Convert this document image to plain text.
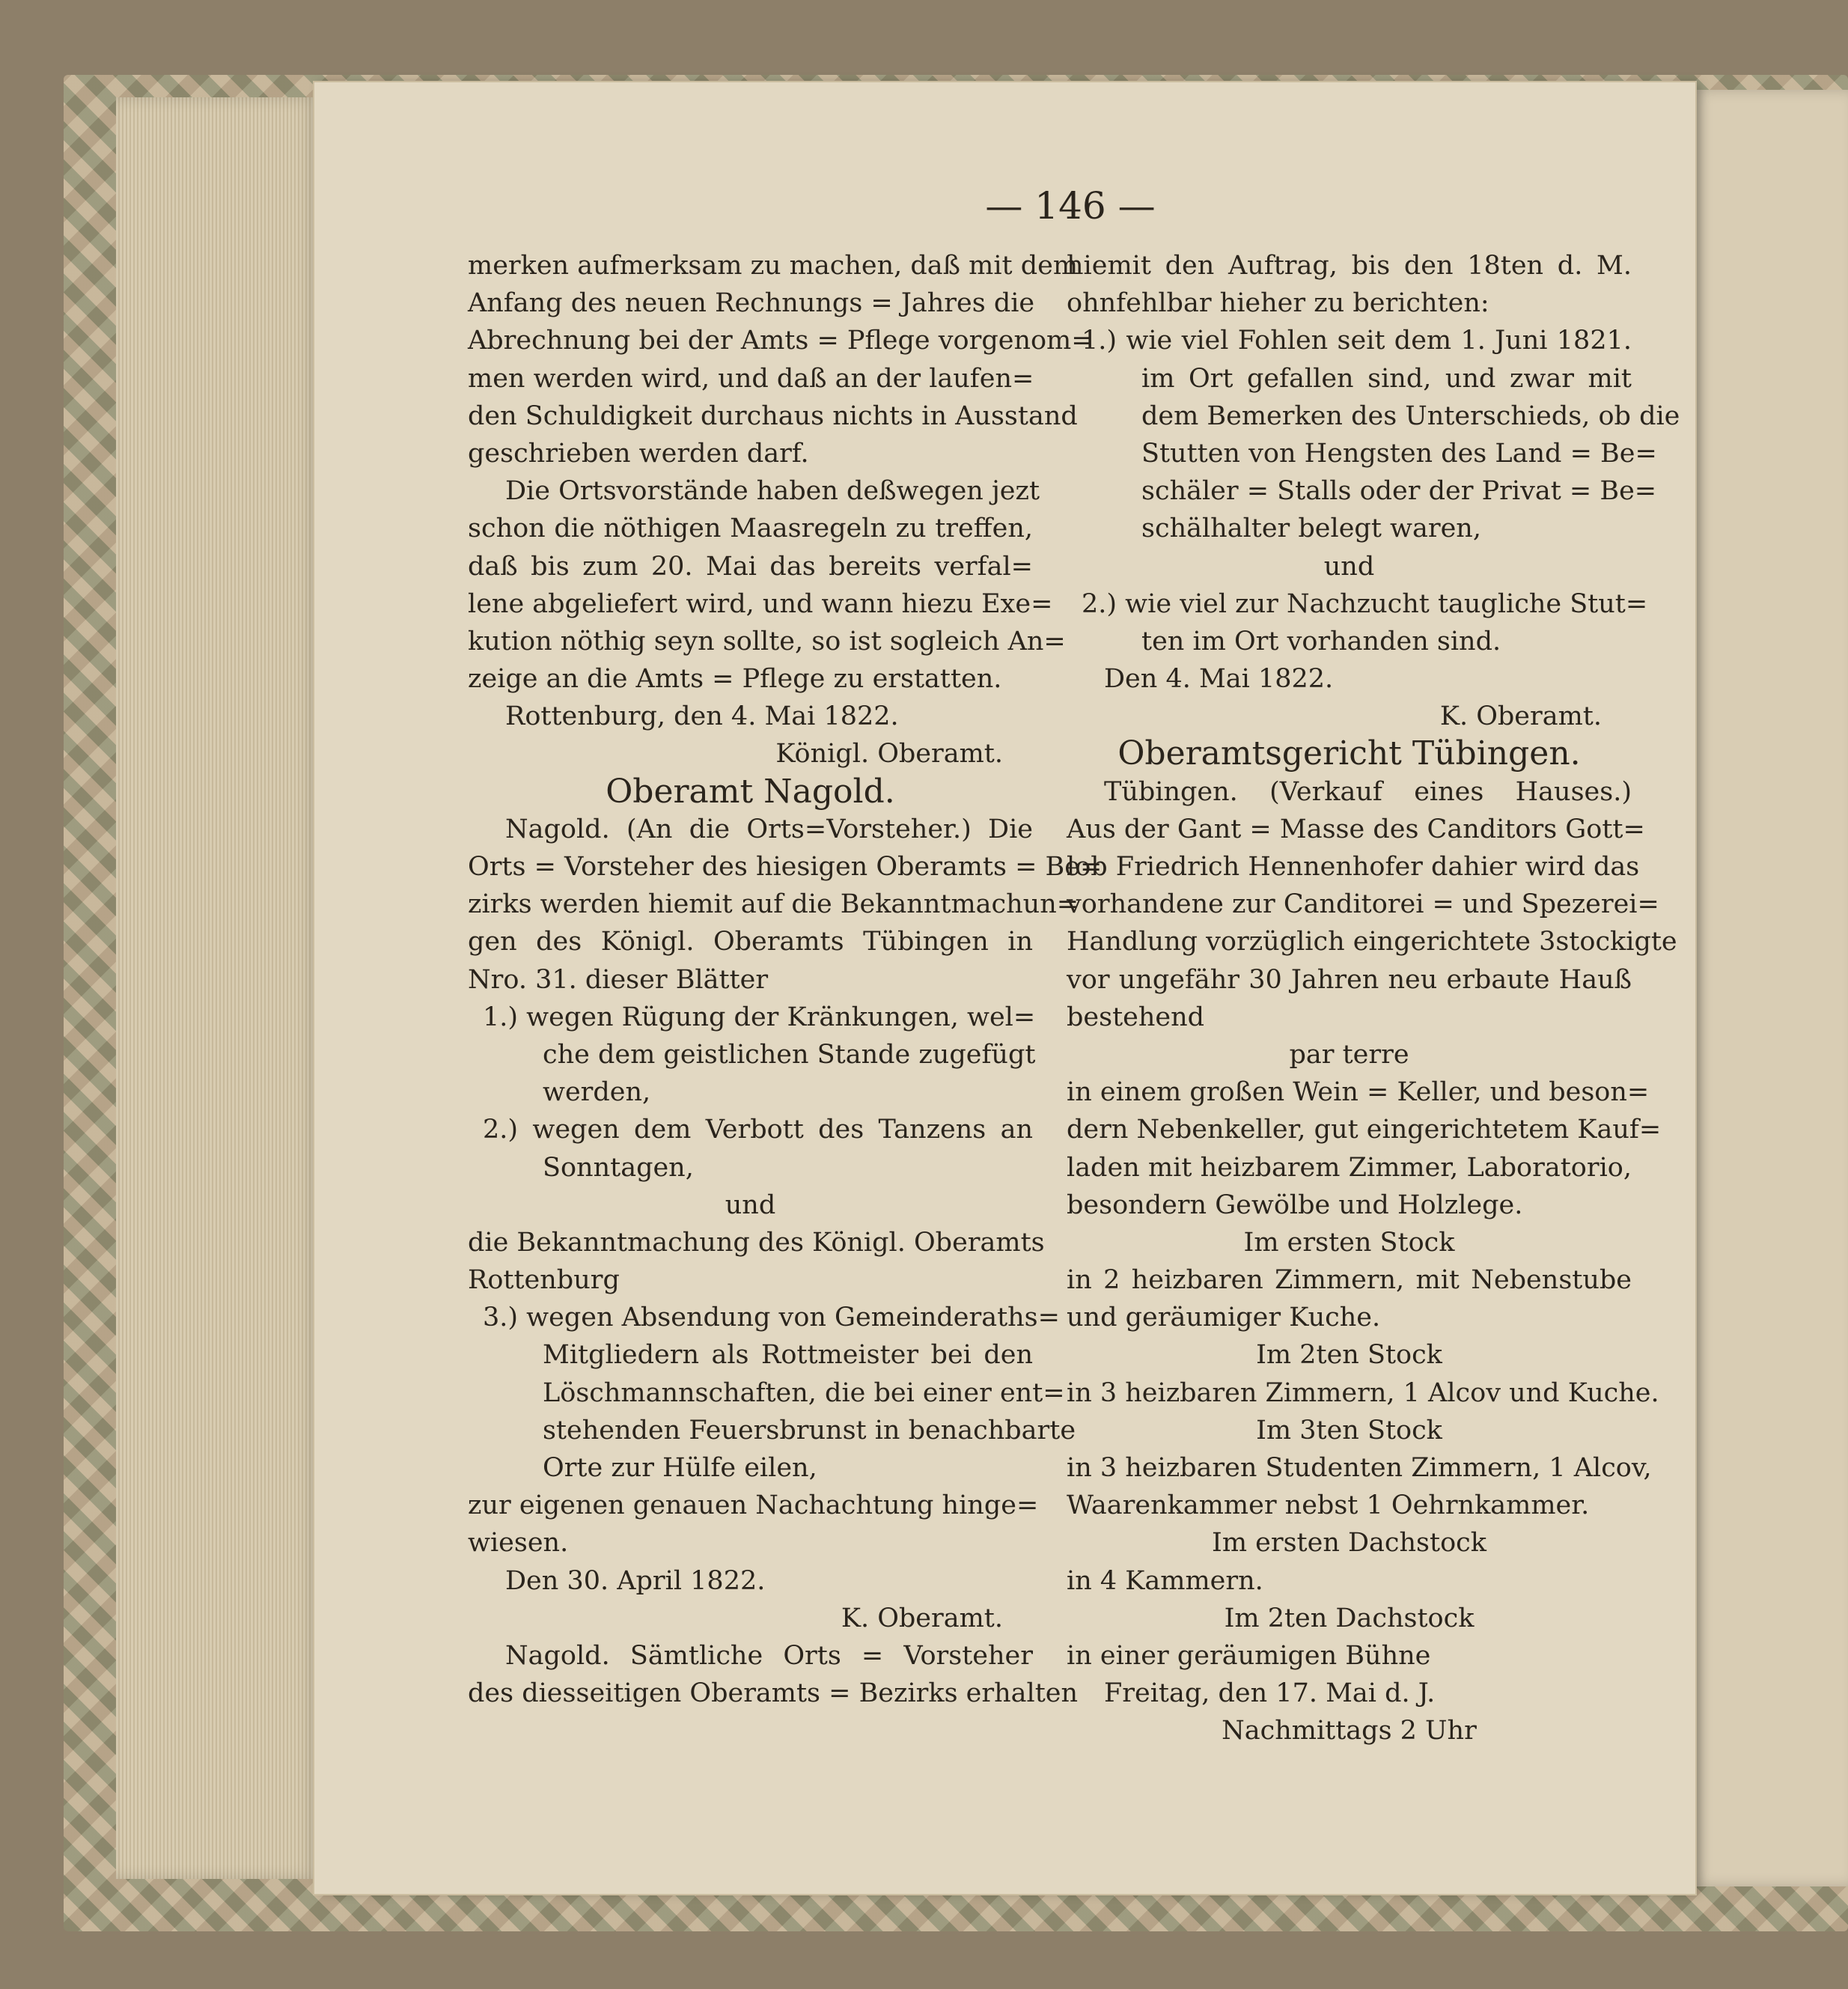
— 146 —
merken aufmerksam zu machen, daß mit dem
Anfang des neuen Rechnungs = Jahres die
Abrechnung bei der Amts = Pflege vorgenom=
men werden wird, und daß an der laufen=
den Schuldigkeit durchaus nichts in Ausstand
geschrieben werden darf.
Die Ortsvorstände haben deßwegen jezt
schon die nöthigen Maasregeln zu treffen,
daß bis zum 20. Mai das bereits verfal=
lene abgeliefert wird, und wann hiezu Exe=
kution nöthig seyn sollte, so ist sogleich An=
zeige an die Amts = Pflege zu erstatten.
Rottenburg, den 4. Mai 1822.
Königl. Oberamt.
Oberamt Nagold.
Nagold. (An die Orts=Vorsteher.) Die
Orts = Vorsteher des hiesigen Oberamts = Be=
zirks werden hiemit auf die Bekanntmachun=
gen des Königl. Oberamts Tübingen in
Nro. 31. dieser Blätter
1.) wegen Rügung der Kränkungen, wel=
che dem geistlichen Stande zugefügt
werden,
2.) wegen dem Verbott des Tanzens an
Sonntagen,
und
die Bekanntmachung des Königl. Oberamts
Rottenburg
3.) wegen Absendung von Gemeinderaths=
Mitgliedern als Rottmeister bei den
Löschmannschaften, die bei einer ent=
stehenden Feuersbrunst in benachbarte
Orte zur Hülfe eilen,
zur eigenen genauen Nachachtung hinge=
wiesen.
Den 30. April 1822.
K. Oberamt.
Nagold. Sämtliche Orts = Vorsteher
des diesseitigen Oberamts = Bezirks erhalten
hiemit den Auftrag, bis den 18ten d. M.
ohnfehlbar hieher zu berichten:
1.) wie viel Fohlen seit dem 1. Juni 1821.
im Ort gefallen sind, und zwar mit
dem Bemerken des Unterschieds, ob die
Stutten von Hengsten des Land = Be=
schäler = Stalls oder der Privat = Be=
schälhalter belegt waren,
und
2.) wie viel zur Nachzucht taugliche Stut=
ten im Ort vorhanden sind.
Den 4. Mai 1822.
K. Oberamt.
Oberamtsgericht Tübingen.
Tübingen. (Verkauf eines Hauses.)
Aus der Gant = Masse des Canditors Gott=
lob Friedrich Hennenhofer dahier wird das
vorhandene zur Canditorei = und Spezerei=
Handlung vorzüglich eingerichtete 3stockigte
vor ungefähr 30 Jahren neu erbaute Hauß
bestehend
par terre
in einem großen Wein = Keller, und beson=
dern Nebenkeller, gut eingerichtetem Kauf=
laden mit heizbarem Zimmer, Laboratorio,
besondern Gewölbe und Holzlege.
Im ersten Stock
in 2 heizbaren Zimmern, mit Nebenstube
und geräumiger Kuche.
Im 2ten Stock
in 3 heizbaren Zimmern, 1 Alcov und Kuche.
Im 3ten Stock
in 3 heizbaren Studenten Zimmern, 1 Alcov,
Waarenkammer nebst 1 Oehrnkammer.
Im ersten Dachstock
in 4 Kammern.
Im 2ten Dachstock
in einer geräumigen Bühne
Freitag, den 17. Mai d. J.
Nachmittags 2 Uhr
